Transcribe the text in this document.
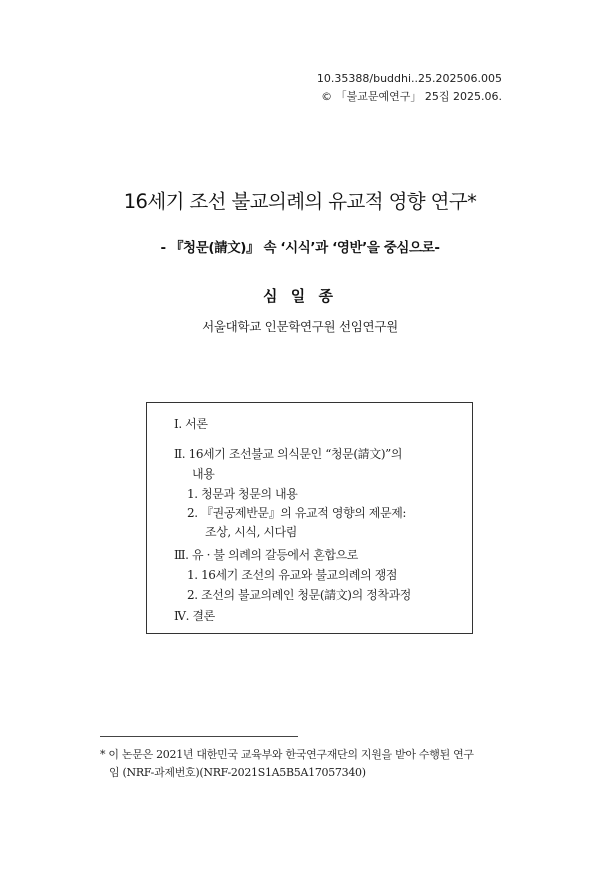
10.35388/buddhi..25.202506.005
© 「불교문예연구」 25집 2025.06.
16세기 조선 불교의례의 유교적 영향 연구*
- 『청문(請文)』 속 ‘시식’과 ‘영반’을 중심으로-
심 일 종
서울대학교 인문학연구원 선임연구원
Ⅰ. 서론
Ⅱ. 16세기 조선불교 의식문인 “청문(請文)”의
내용
1. 청문과 청문의 내용
2. 『권공제반문』의 유교적 영향의 제문제:
조상, 시식, 시다림
Ⅲ. 유 · 불 의례의 갈등에서 혼합으로
1. 16세기 조선의 유교와 불교의례의 쟁점
2. 조선의 불교의례인 청문(請文)의 정착과정
Ⅳ. 결론
* 이 논문은 2021년 대한민국 교육부와 한국연구재단의 지원을 받아 수행된 연구
임 (NRF-과제번호)(NRF-2021S1A5B5A17057340)
